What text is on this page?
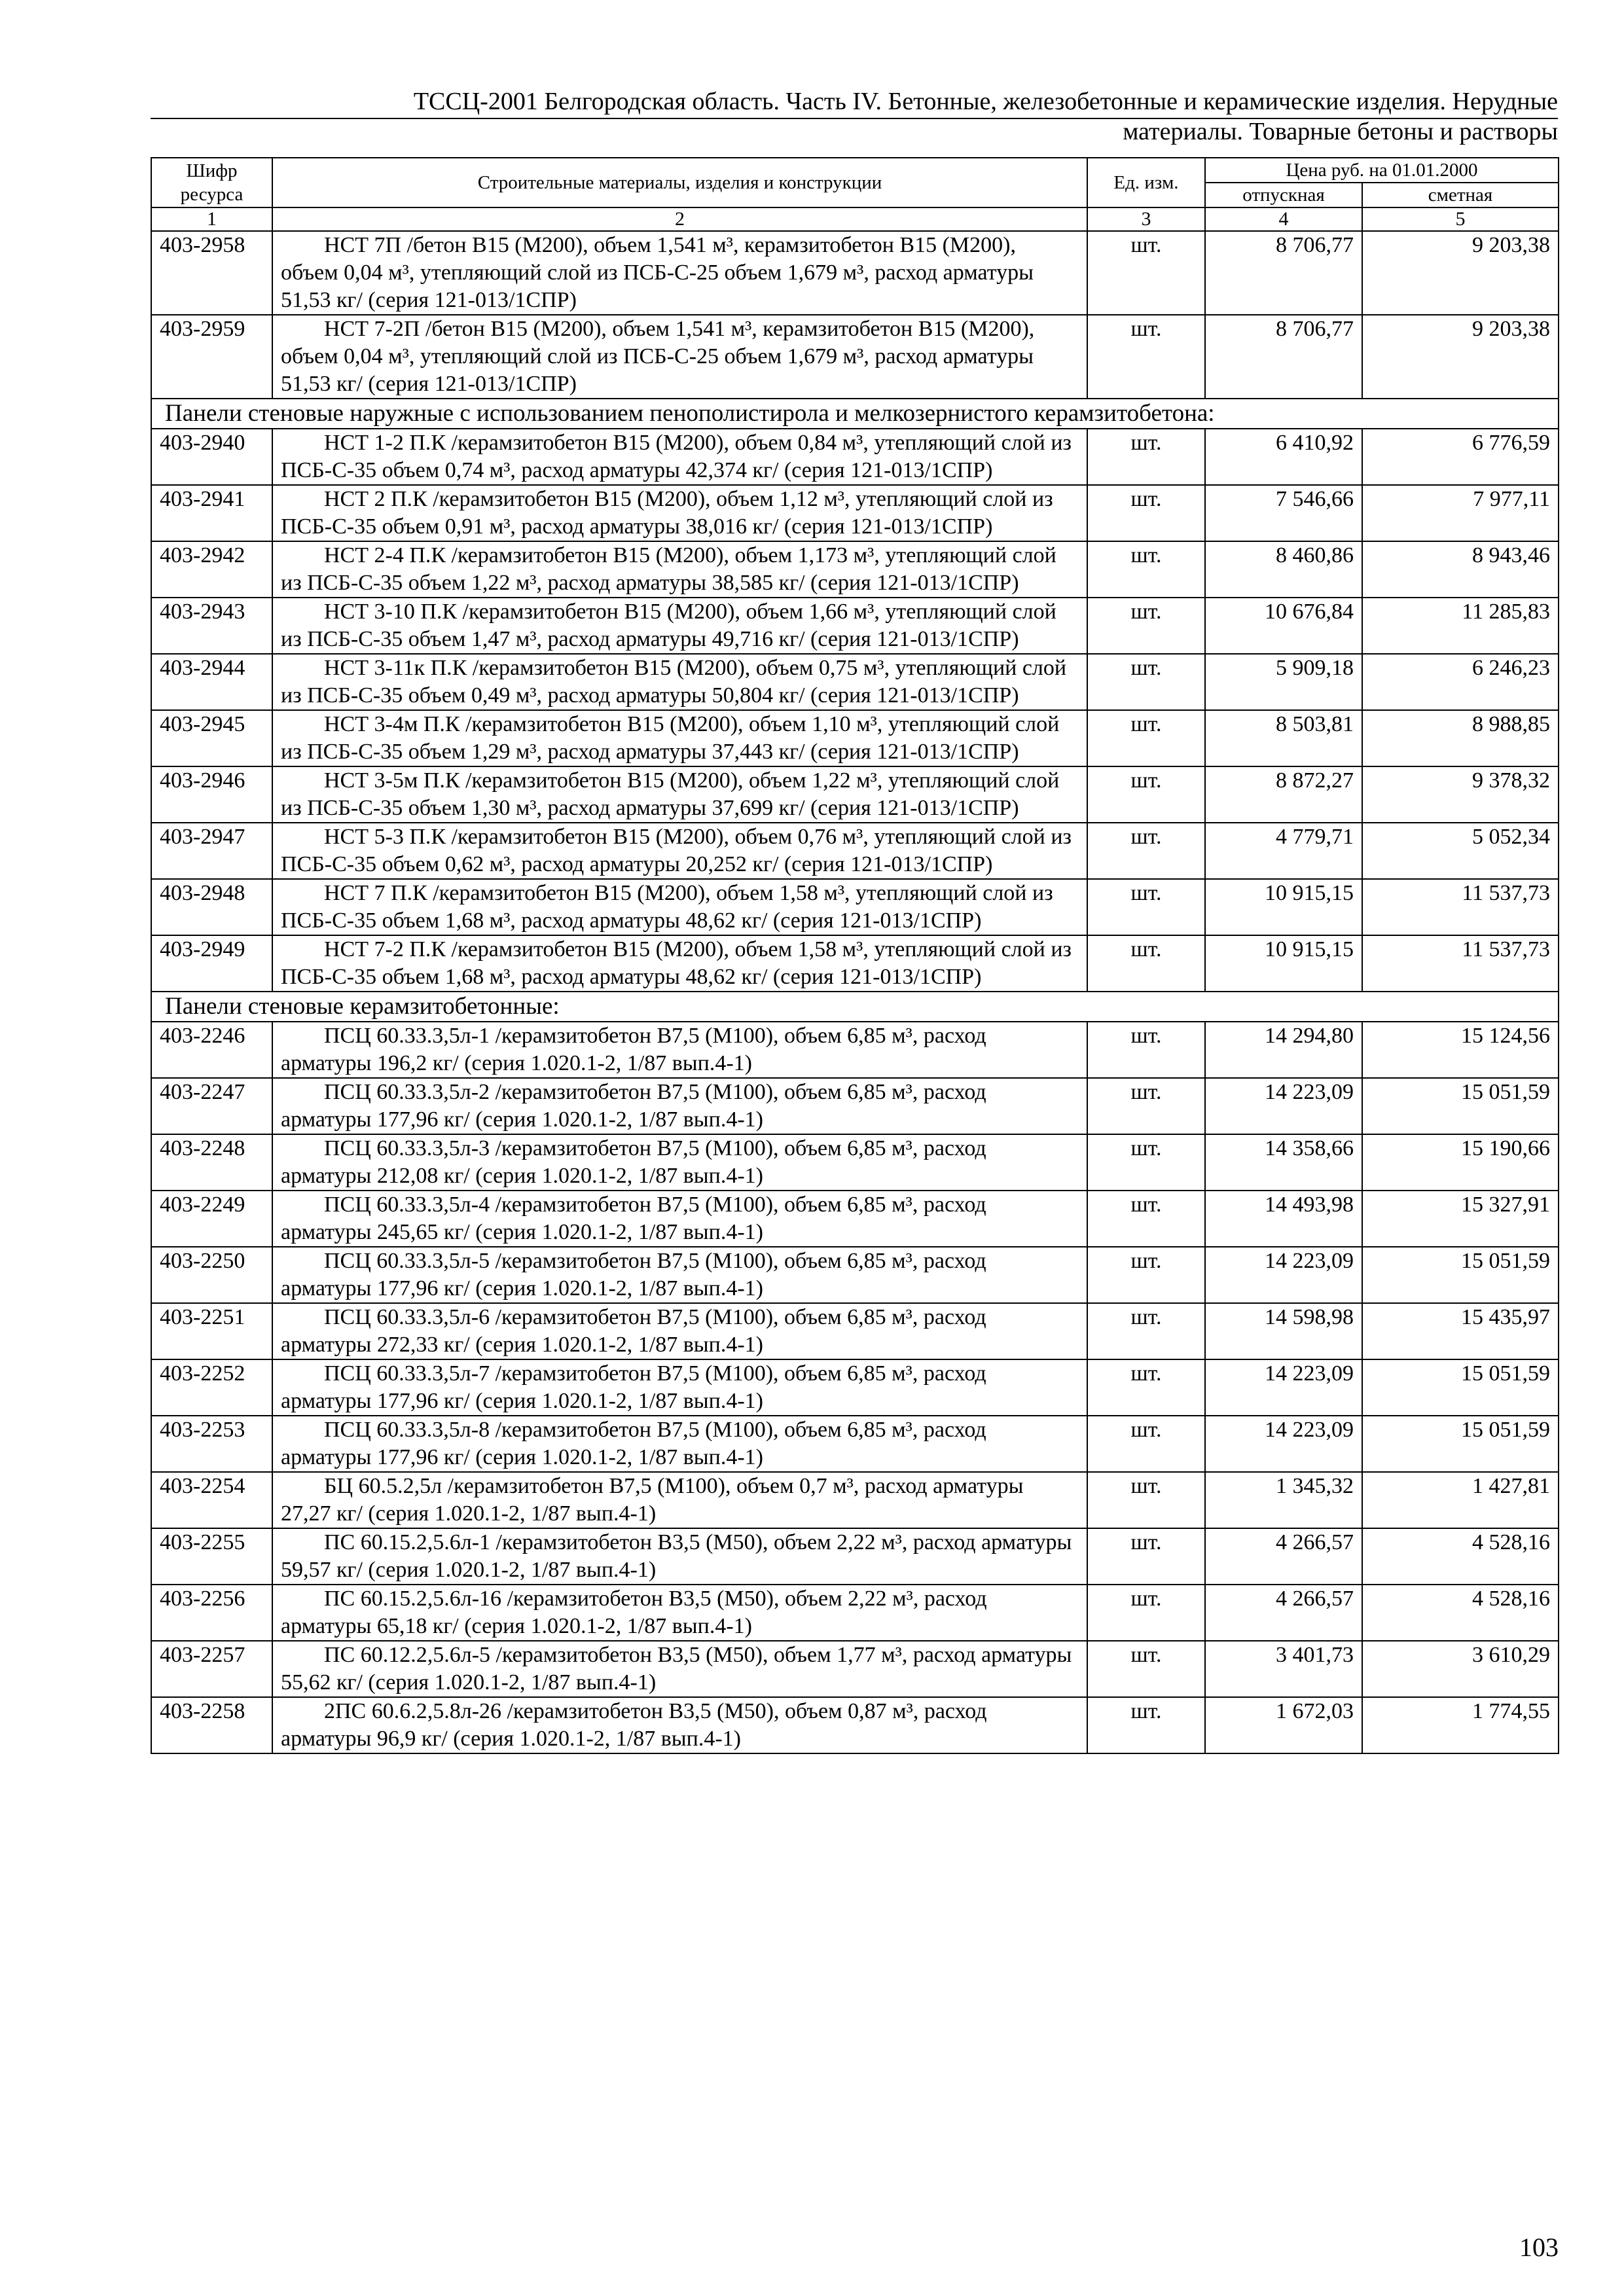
ТССЦ-2001 Белгородская область. Часть IV. Бетонные, железобетонные и керамические изделия. Нерудные
материалы. Товарные бетоны и растворы
Шифр ресурса	Строительные материалы, изделия и конструкции	Ед. изм.	Цена руб. на 01.01.2000	
			отпускная	сметная
1	2	3	4	5
403-2958	НСТ 7П /бетон В15 (М200), объем 1,541 м³, керамзитобетон В15 (М200), объем 0,04 м³, утепляющий слой из ПСБ-С-25 объем 1,679 м³, расход арматуры 51,53 кг/ (серия 121-013/1СПР)	шт.	8 706,77	9 203,38
403-2959	НСТ 7-2П /бетон В15 (М200), объем 1,541 м³, керамзитобетон В15 (М200), объем 0,04 м³, утепляющий слой из ПСБ-С-25 объем 1,679 м³, расход арматуры 51,53 кг/ (серия 121-013/1СПР)	шт.	8 706,77	9 203,38
Панели стеновые наружные с использованием пенополистирола и мелкозернистого керамзитобетона:				
403-2940	НСТ 1-2 П.К /керамзитобетон В15 (М200), объем 0,84 м³, утепляющий слой из ПСБ-С-35 объем 0,74 м³, расход арматуры 42,374 кг/ (серия 121-013/1СПР)	шт.	6 410,92	6 776,59
403-2941	НСТ 2 П.К /керамзитобетон В15 (М200), объем 1,12 м³, утепляющий слой из ПСБ-С-35 объем 0,91 м³, расход арматуры 38,016 кг/ (серия 121-013/1СПР)	шт.	7 546,66	7 977,11
403-2942	НСТ 2-4 П.К /керамзитобетон В15 (М200), объем 1,173 м³, утепляющий слой из ПСБ-С-35 объем 1,22 м³, расход арматуры 38,585 кг/ (серия 121-013/1СПР)	шт.	8 460,86	8 943,46
403-2943	НСТ 3-10 П.К /керамзитобетон В15 (М200), объем 1,66 м³, утепляющий слой из ПСБ-С-35 объем 1,47 м³, расход арматуры 49,716 кг/ (серия 121-013/1СПР)	шт.	10 676,84	11 285,83
403-2944	НСТ 3-11к П.К /керамзитобетон В15 (М200), объем 0,75 м³, утепляющий слой из ПСБ-С-35 объем 0,49 м³, расход арматуры 50,804 кг/ (серия 121-013/1СПР)	шт.	5 909,18	6 246,23
403-2945	НСТ 3-4м П.К /керамзитобетон В15 (М200), объем 1,10 м³, утепляющий слой из ПСБ-С-35 объем 1,29 м³, расход арматуры 37,443 кг/ (серия 121-013/1СПР)	шт.	8 503,81	8 988,85
403-2946	НСТ 3-5м П.К /керамзитобетон В15 (М200), объем 1,22 м³, утепляющий слой из ПСБ-С-35 объем 1,30 м³, расход арматуры 37,699 кг/ (серия 121-013/1СПР)	шт.	8 872,27	9 378,32
403-2947	НСТ 5-3 П.К /керамзитобетон В15 (М200), объем 0,76 м³, утепляющий слой из ПСБ-С-35 объем 0,62 м³, расход арматуры 20,252 кг/ (серия 121-013/1СПР)	шт.	4 779,71	5 052,34
403-2948	НСТ 7 П.К /керамзитобетон В15 (М200), объем 1,58 м³, утепляющий слой из ПСБ-С-35 объем 1,68 м³, расход арматуры 48,62 кг/ (серия 121-013/1СПР)	шт.	10 915,15	11 537,73
403-2949	НСТ 7-2 П.К /керамзитобетон В15 (М200), объем 1,58 м³, утепляющий слой из ПСБ-С-35 объем 1,68 м³, расход арматуры 48,62 кг/ (серия 121-013/1СПР)	шт.	10 915,15	11 537,73
Панели стеновые керамзитобетонные:				
403-2246	ПСЦ 60.33.3,5л-1 /керамзитобетон В7,5 (М100), объем 6,85 м³, расход арматуры 196,2 кг/ (серия 1.020.1-2, 1/87 вып.4-1)	шт.	14 294,80	15 124,56
403-2247	ПСЦ 60.33.3,5л-2 /керамзитобетон В7,5 (М100), объем 6,85 м³, расход арматуры 177,96 кг/ (серия 1.020.1-2, 1/87 вып.4-1)	шт.	14 223,09	15 051,59
403-2248	ПСЦ 60.33.3,5л-3 /керамзитобетон В7,5 (М100), объем 6,85 м³, расход арматуры 212,08 кг/ (серия 1.020.1-2, 1/87 вып.4-1)	шт.	14 358,66	15 190,66
403-2249	ПСЦ 60.33.3,5л-4 /керамзитобетон В7,5 (М100), объем 6,85 м³, расход арматуры 245,65 кг/ (серия 1.020.1-2, 1/87 вып.4-1)	шт.	14 493,98	15 327,91
403-2250	ПСЦ 60.33.3,5л-5 /керамзитобетон В7,5 (М100), объем 6,85 м³, расход арматуры 177,96 кг/ (серия 1.020.1-2, 1/87 вып.4-1)	шт.	14 223,09	15 051,59
403-2251	ПСЦ 60.33.3,5л-6 /керамзитобетон В7,5 (М100), объем 6,85 м³, расход арматуры 272,33 кг/ (серия 1.020.1-2, 1/87 вып.4-1)	шт.	14 598,98	15 435,97
403-2252	ПСЦ 60.33.3,5л-7 /керамзитобетон В7,5 (М100), объем 6,85 м³, расход арматуры 177,96 кг/ (серия 1.020.1-2, 1/87 вып.4-1)	шт.	14 223,09	15 051,59
403-2253	ПСЦ 60.33.3,5л-8 /керамзитобетон В7,5 (М100), объем 6,85 м³, расход арматуры 177,96 кг/ (серия 1.020.1-2, 1/87 вып.4-1)	шт.	14 223,09	15 051,59
403-2254	БЦ 60.5.2,5л /керамзитобетон В7,5 (М100), объем 0,7 м³, расход арматуры 27,27 кг/ (серия 1.020.1-2, 1/87 вып.4-1)	шт.	1 345,32	1 427,81
403-2255	ПС 60.15.2,5.6л-1 /керамзитобетон В3,5 (М50), объем 2,22 м³, расход арматуры 59,57 кг/ (серия 1.020.1-2, 1/87 вып.4-1)	шт.	4 266,57	4 528,16
403-2256	ПС 60.15.2,5.6л-16 /керамзитобетон В3,5 (М50), объем 2,22 м³, расход арматуры 65,18 кг/ (серия 1.020.1-2, 1/87 вып.4-1)	шт.	4 266,57	4 528,16
403-2257	ПС 60.12.2,5.6л-5 /керамзитобетон В3,5 (М50), объем 1,77 м³, расход арматуры 55,62 кг/ (серия 1.020.1-2, 1/87 вып.4-1)	шт.	3 401,73	3 610,29
403-2258	2ПС 60.6.2,5.8л-26 /керамзитобетон В3,5 (М50), объем 0,87 м³, расход арматуры 96,9 кг/ (серия 1.020.1-2, 1/87 вып.4-1)	шт.	1 672,03	1 774,55
103
